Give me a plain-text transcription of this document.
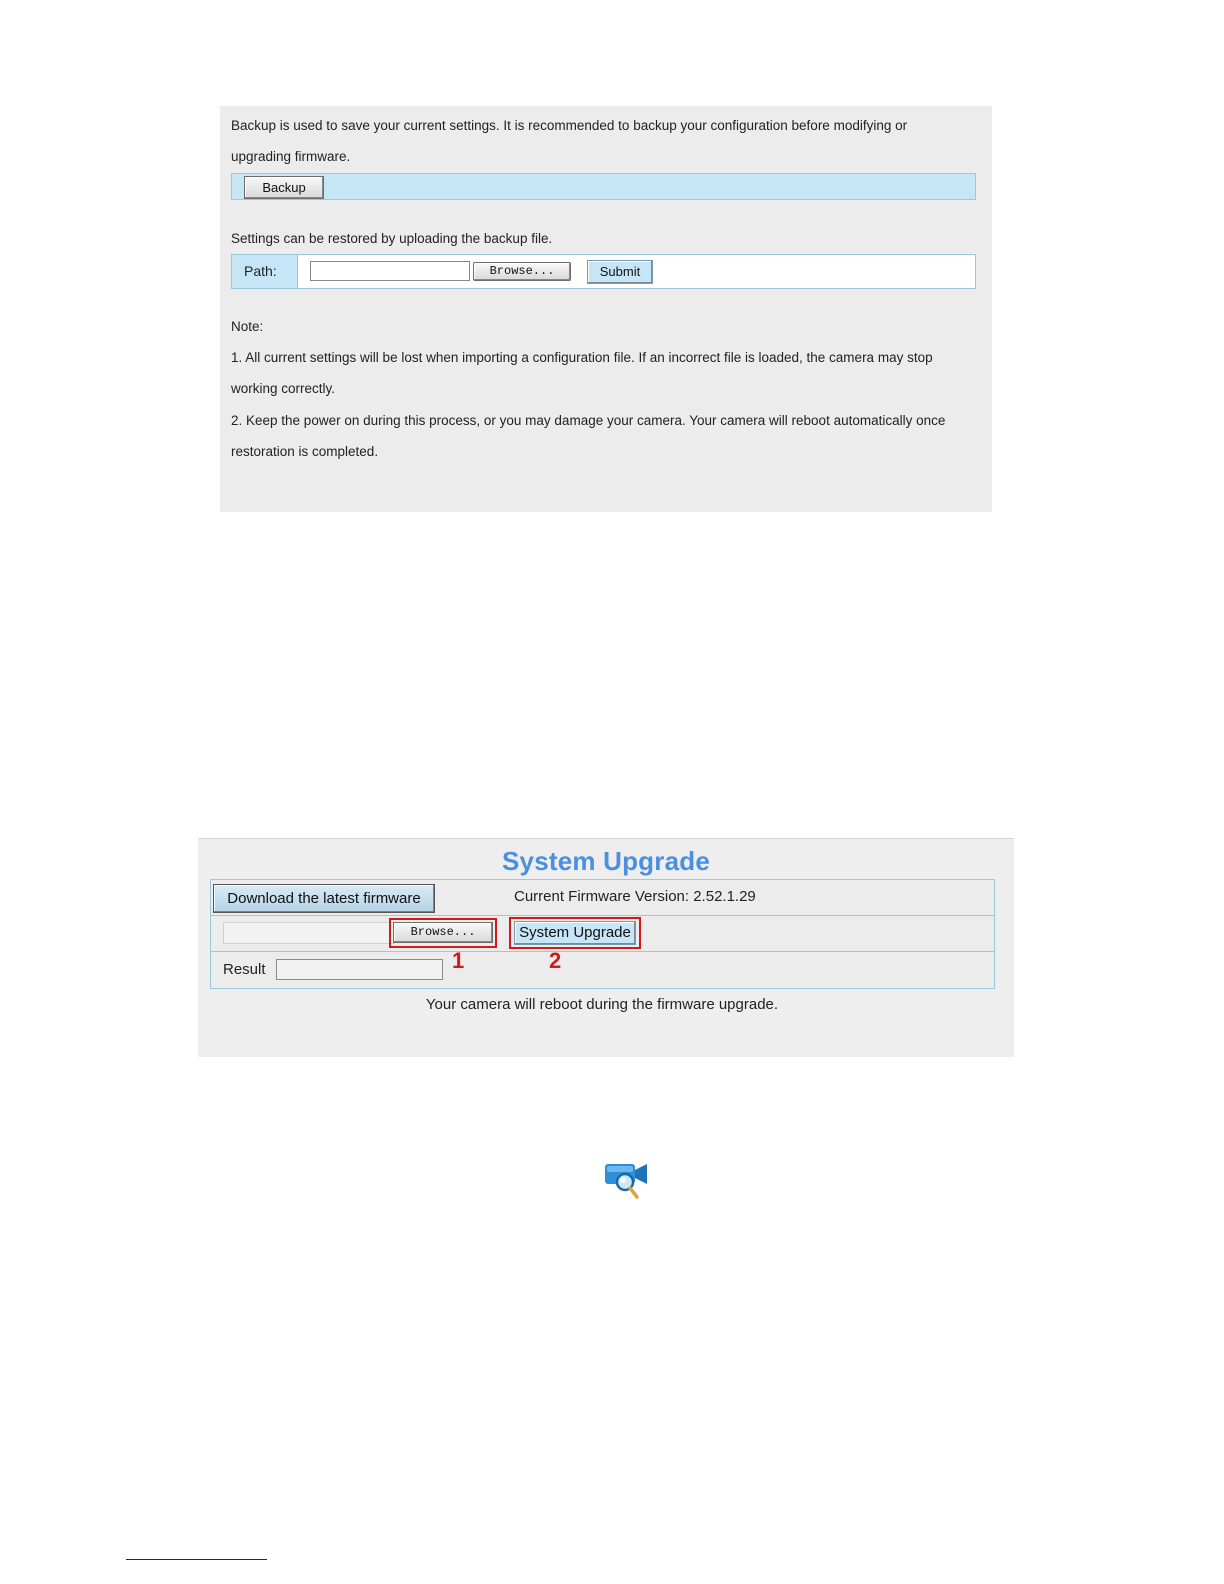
Backup is used to save your current settings. It is recommended to backup your configuration before modifying or
upgrading firmware.
Backup
Settings can be restored by uploading the backup file.
Path:	Browse...	Submit
Note:
1. All current settings will be lost when importing a configuration file. If an incorrect file is loaded, the camera may stop
working correctly.
2. Keep the power on during this process, or you may damage your camera. Your camera will reboot automatically once
restoration is completed.
System Upgrade
Download the latest firmware	Current Firmware Version: 2.52.1.29
Browse...	System Upgrade
1	2
Result
Your camera will reboot during the firmware upgrade.
